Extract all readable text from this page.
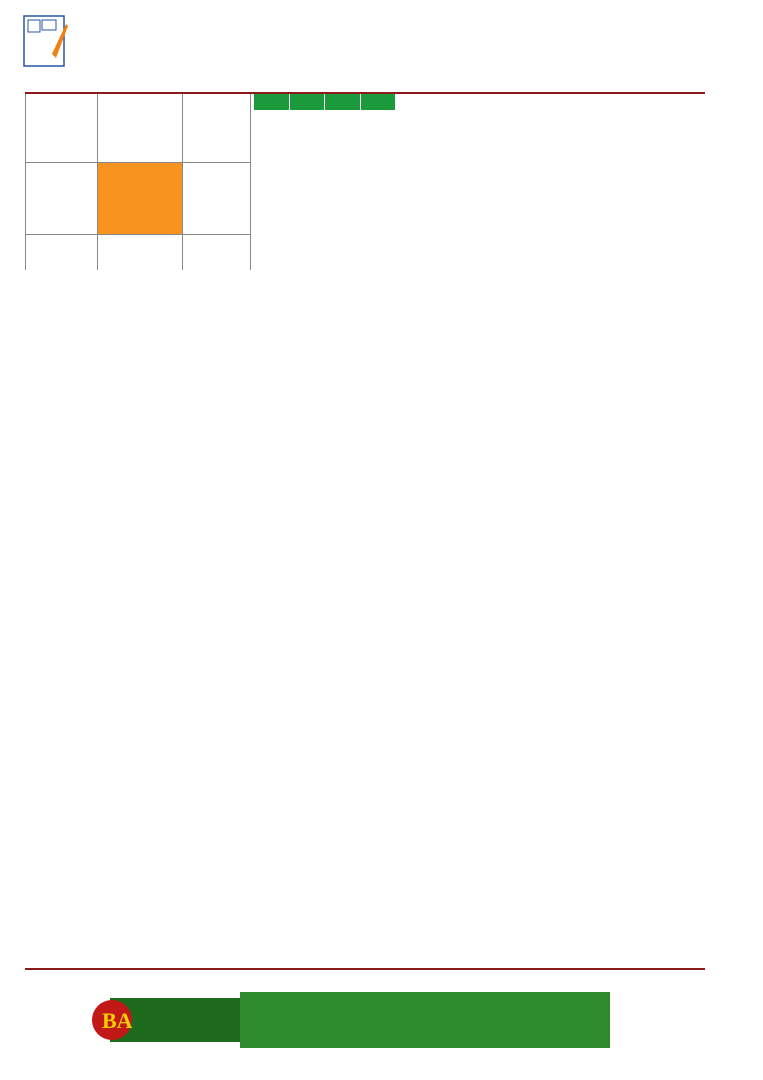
BA
